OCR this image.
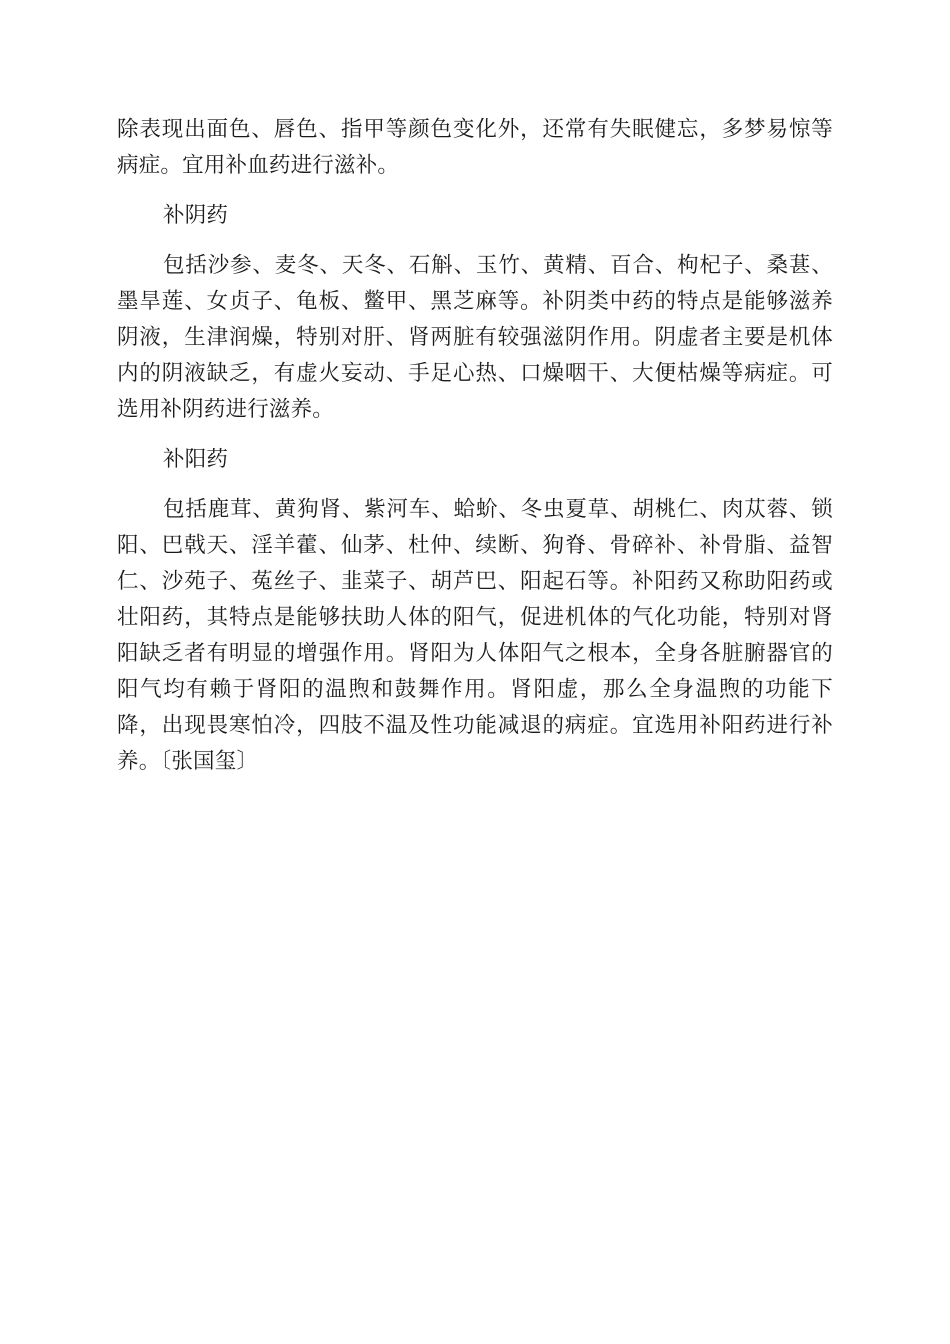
除表现出面色、唇色、指甲等颜色变化外，还常有失眠健忘，多梦易惊等病症。宜用补血药进行滋补。

补阴药

包括沙参、麦冬、天冬、石斛、玉竹、黄精、百合、枸杞子、桑葚、墨旱莲、女贞子、龟板、鳖甲、黑芝麻等。补阴类中药的特点是能够滋养阴液，生津润燥，特别对肝、肾两脏有较强滋阴作用。阴虚者主要是机体内的阴液缺乏，有虚火妄动、手足心热、口燥咽干、大便枯燥等病症。可选用补阴药进行滋养。

补阳药

包括鹿茸、黄狗肾、紫河车、蛤蚧、冬虫夏草、胡桃仁、肉苁蓉、锁阳、巴戟天、淫羊藿、仙茅、杜仲、续断、狗脊、骨碎补、补骨脂、益智仁、沙苑子、菟丝子、韭菜子、胡芦巴、阳起石等。补阳药又称助阳药或壮阳药，其特点是能够扶助人体的阳气，促进机体的气化功能，特别对肾阳缺乏者有明显的增强作用。肾阳为人体阳气之根本，全身各脏腑器官的阳气均有赖于肾阳的温煦和鼓舞作用。肾阳虚，那么全身温煦的功能下降，出现畏寒怕冷，四肢不温及性功能减退的病症。宜选用补阳药进行补养。〔张国玺〕
